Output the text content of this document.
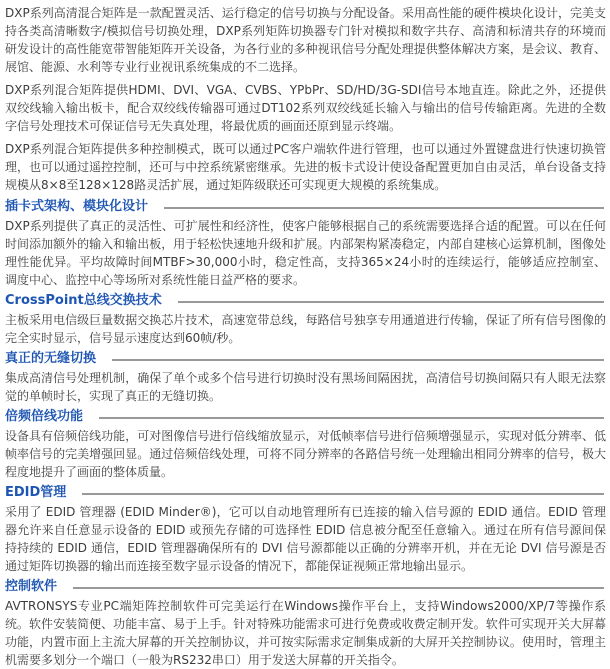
DXP系列高清混合矩阵是一款配置灵活、运行稳定的信号切换与分配设备。采用高性能的硬件模块化设计，完美支持各类高清晰数字/模拟信号切换处理，DXP系列矩阵切换器专门针对模拟和数字共存、高清和标清共存的环境而研发设计的高性能宽带智能矩阵开关设备，为各行业的多种视讯信号分配处理提供整体解决方案，是会议、教育、展馆、能源、水利等专业行业视讯系统集成的不二选择。

DXP系列混合矩阵提供HDMI、DVI、VGA、CVBS、YPbPr、SD/HD/3G-SDI信号本地直连。除此之外，还提供双绞线输入输出板卡，配合双绞线传输器可通过DT102系列双绞线延长输入与输出的信号传输距离。先进的全数字信号处理技术可保证信号无失真处理，将最优质的画面还原到显示终端。

DXP系列混合矩阵提供多种控制模式，既可以通过PC客户端软件进行管理，也可以通过外置键盘进行快速切换管理，也可以通过遥控控制，还可与中控系统紧密继承。先进的板卡式设计使设备配置更加自由灵活，单台设备支持规模从8×8至128×128路灵活扩展，通过矩阵级联还可实现更大规模的系统集成。

插卡式架构、模块化设计

DXP系列提供了真正的灵活性、可扩展性和经济性，使客户能够根据自己的系统需要选择合适的配置。可以在任何时间添加额外的输入和输出板，用于轻松快速地升级和扩展。内部架构紧凑稳定，内部自建核心运算机制，图像处理性能优异。平均故障时间MTBF>30,000小时，稳定性高，支持365×24小时的连续运行，能够适应控制室、调度中心、监控中心等场所对系统性能日益严格的要求。

CrossPoint总线交换技术

主板采用电信级巨量数据交换芯片技术，高速宽带总线，每路信号独享专用通道进行传输，保证了所有信号图像的完全实时显示，信号显示速度达到60帧/秒。

真正的无缝切换

集成高清信号处理机制，确保了单个或多个信号进行切换时没有黑场间隔困扰，高清信号切换间隔只有人眼无法察觉的单帧时长，实现了真正的无缝切换。

倍频倍线功能

设备具有倍频倍线功能，可对图像信号进行倍线缩放显示，对低帧率信号进行倍频增强显示，实现对低分辨率、低帧率信号的完美增强回显。通过倍频倍线处理，可将不同分辨率的各路信号统一处理输出相同分辨率的信号，极大程度地提升了画面的整体质量。

EDID管理

采用了 EDID 管理器 (EDID Minder®)，它可以自动地管理所有已连接的输入信号源的 EDID 通信。EDID 管理器允许来自任意显示设备的 EDID 或预先存储的可选择性 EDID 信息被分配至任意输入。通过在所有信号源间保持持续的 EDID 通信，EDID 管理器确保所有的 DVI 信号源都能以正确的分辨率开机，并在无论 DVI 信号源是否通过矩阵切换器的输出而连接至数字显示设备的情况下，都能保证视频正常地输出显示。

控制软件

AVTRONSYS专业PC端矩阵控制软件可完美运行在Windows操作平台上，支持Windows2000/XP/7等操作系统。软件安装简便、功能丰富、易于上手。针对特殊功能需求可进行免费或收费定制开发。软件可实现开关大屏幕功能，内置市面上主流大屏幕的开关控制协议，并可按实际需求定制集成新的大屏开关控制协议。使用时，管理主机需要多划分一个端口（一般为RS232串口）用于发送大屏幕的开关指令。
